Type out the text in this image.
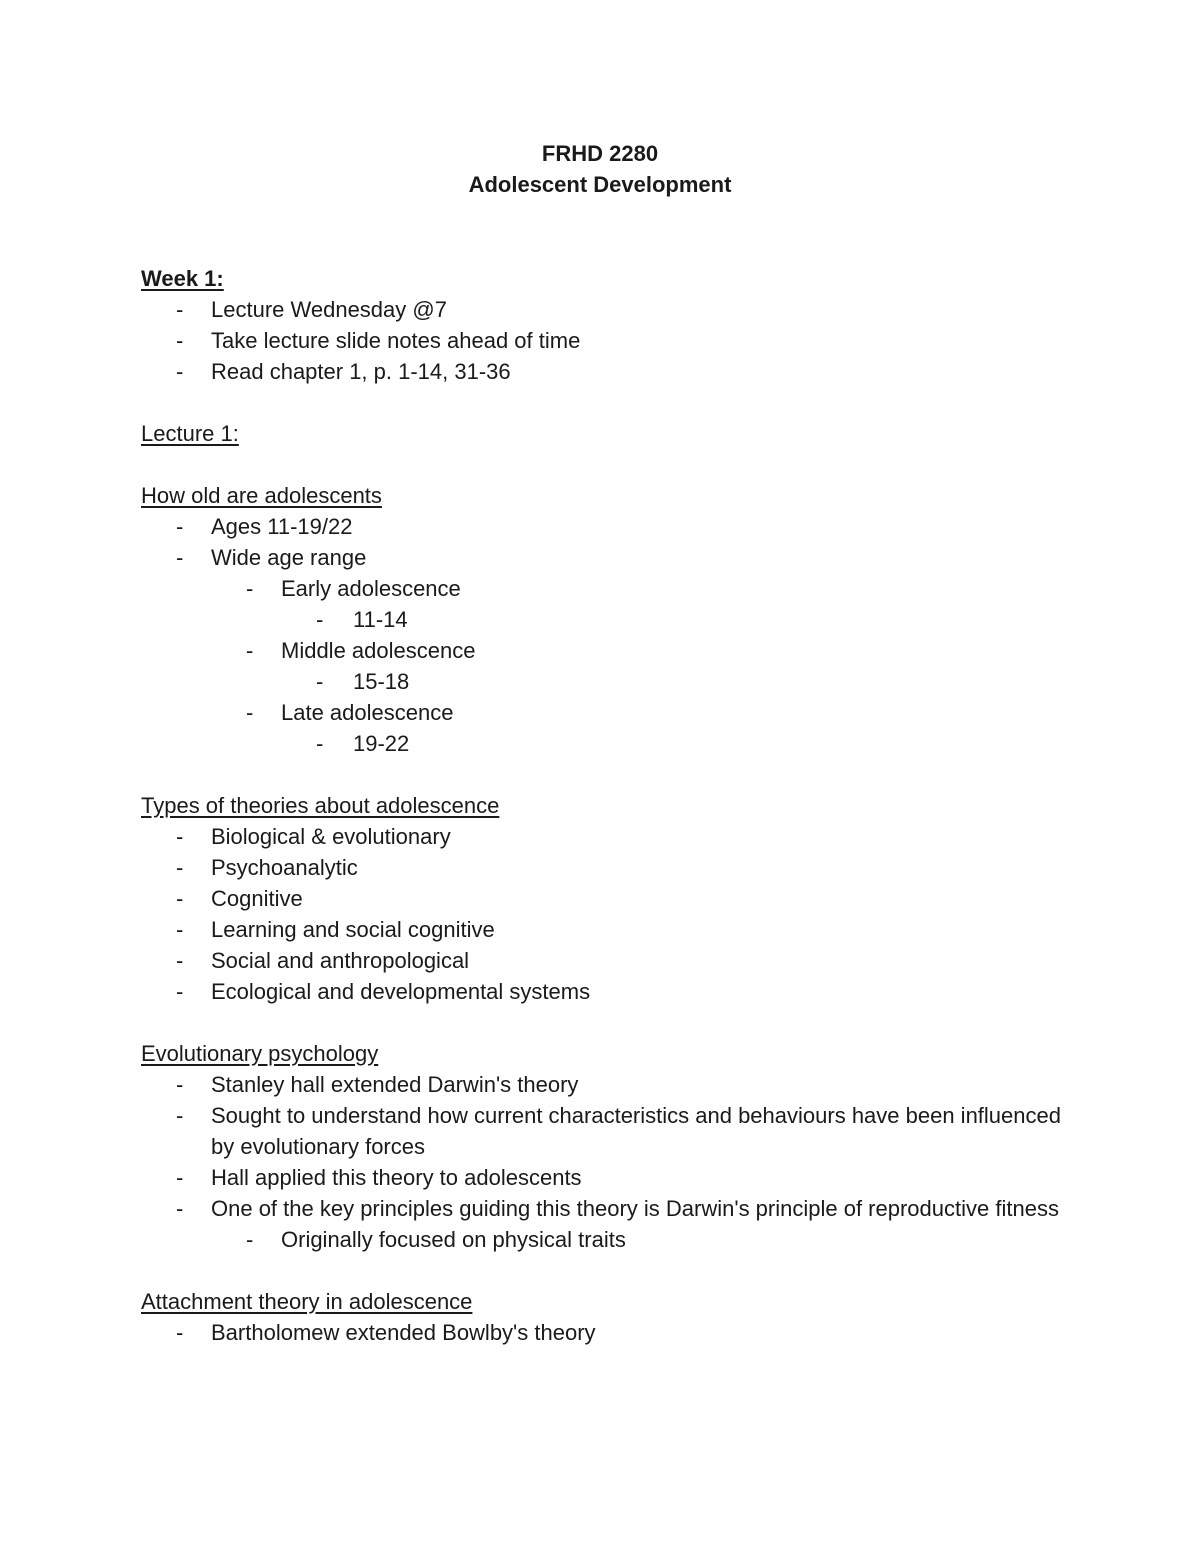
FRHD 2280
Adolescent Development
Week 1:
-	Lecture Wednesday @7
-	Take lecture slide notes ahead of time
-	Read chapter 1, p. 1-14, 31-36
Lecture 1:
How old are adolescents
-	Ages 11-19/22
-	Wide age range
-	Early adolescence
-	11-14
-	Middle adolescence
-	15-18
-	Late adolescence
-	19-22
Types of theories about adolescence
-	Biological & evolutionary
-	Psychoanalytic
-	Cognitive
-	Learning and social cognitive
-	Social and anthropological
-	Ecological and developmental systems
Evolutionary psychology
-	Stanley hall extended Darwin's theory
-	Sought to understand how current characteristics and behaviours have been influenced by evolutionary forces
-	Hall applied this theory to adolescents
-	One of the key principles guiding this theory is Darwin's principle of reproductive fitness
-	Originally focused on physical traits
Attachment theory in adolescence
-	Bartholomew extended Bowlby's theory
